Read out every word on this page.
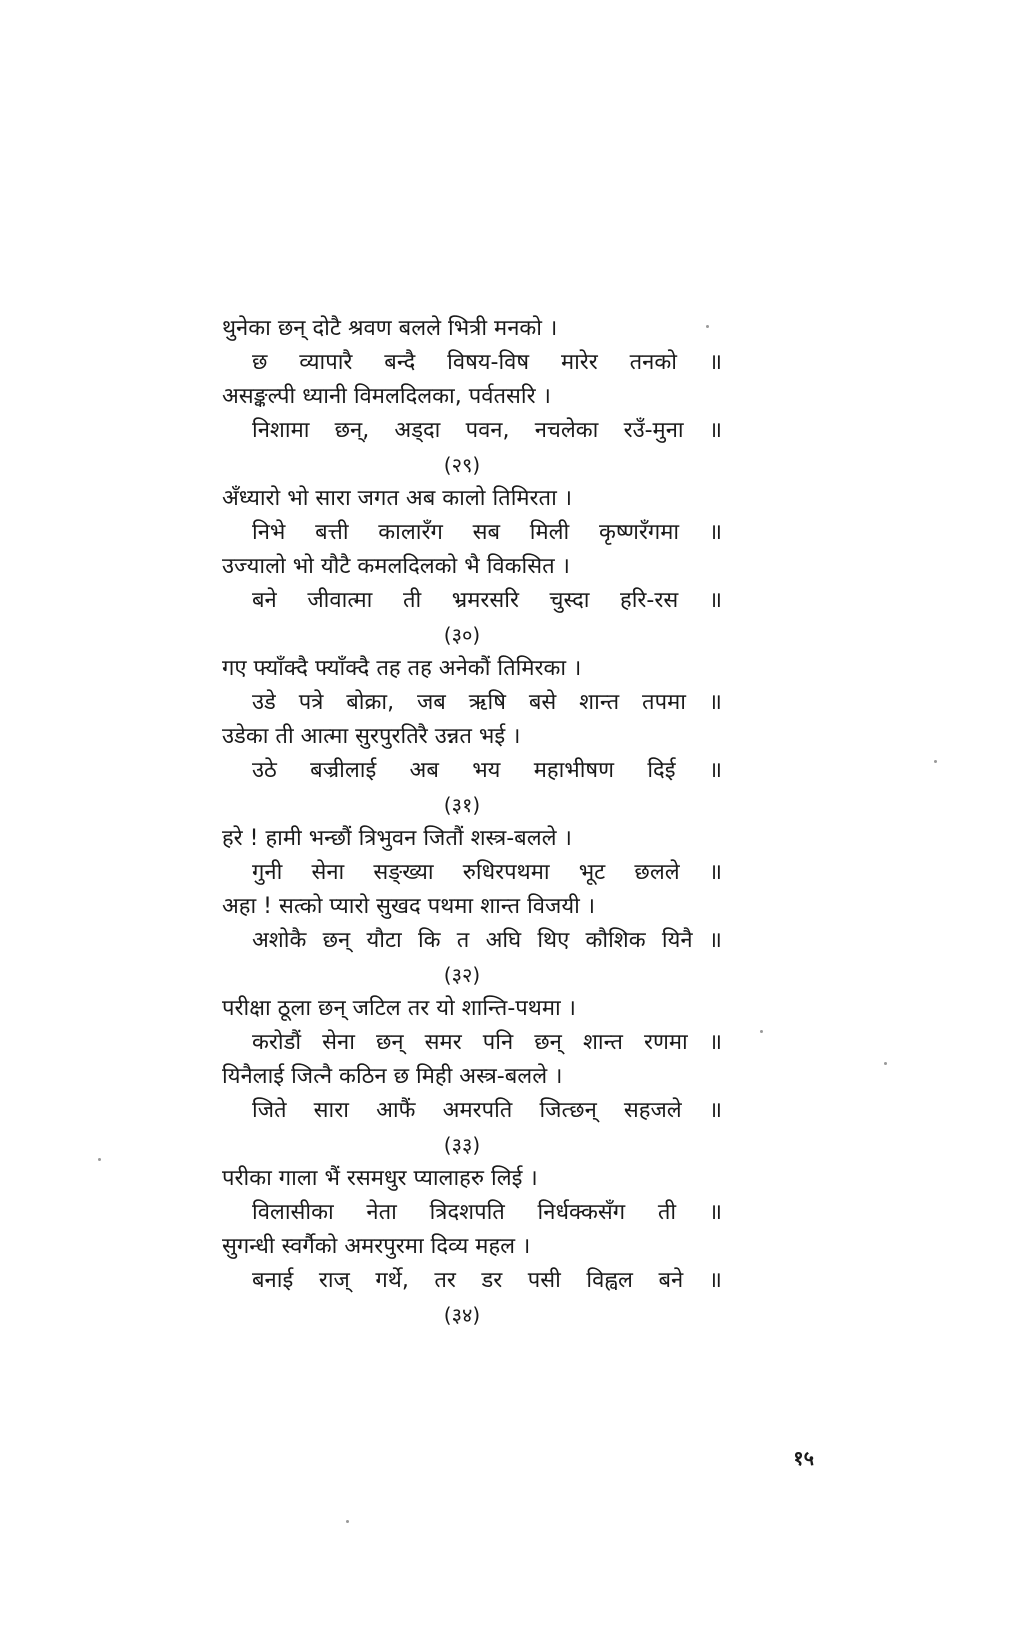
थुनेका छन् दोटै श्रवण बलले भित्री मनको ।
छ व्यापारै बन्दै विषय-विष मारेर तनको ॥
असङ्कल्पी ध्यानी विमलदिलका, पर्वतसरि ।
निशामा छन्, अड्दा पवन, नचलेका रउँ-मुना ॥
(२९)
अँध्यारो भो सारा जगत अब कालो तिमिरता ।
निभे बत्ती कालारँग सब मिली कृष्णरँगमा ॥
उज्यालो भो यौटै कमलदिलको भै विकसित ।
बने जीवात्मा ती भ्रमरसरि चुस्दा हरि-रस ॥
(३०)
गए फ्याँक्दै फ्याँक्दै तह तह अनेकौं तिमिरका ।
उडे पत्रे बोक्रा, जब ऋषि बसे शान्त तपमा ॥
उडेका ती आत्मा सुरपुरतिरै उन्नत भई ।
उठे बज्रीलाई अब भय महाभीषण दिई ॥
(३१)
हरे ! हामी भन्छौं त्रिभुवन जितौं शस्त्र-बलले ।
गुनी सेना सङ्ख्या रुधिरपथमा भूट छलले ॥
अहा ! सत्को प्यारो सुखद पथमा शान्त विजयी ।
अशोकै छन् यौटा कि त अघि थिए कौशिक यिनै ॥
(३२)
परीक्षा ठूला छन् जटिल तर यो शान्ति-पथमा ।
करोडौं सेना छन् समर पनि छन् शान्त रणमा ॥
यिनैलाई जित्नै कठिन छ मिही अस्त्र-बलले ।
जिते सारा आफैं अमरपति जित्छन् सहजले ॥
(३३)
परीका गाला भैं रसमधुर प्यालाहरु लिई ।
विलासीका नेता त्रिदशपति निर्धक्कसँग ती ॥
सुगन्धी स्वर्गैको अमरपुरमा दिव्य महल ।
बनाई राज् गर्थे, तर डर पसी विह्वल बने ॥
(३४)
१५
